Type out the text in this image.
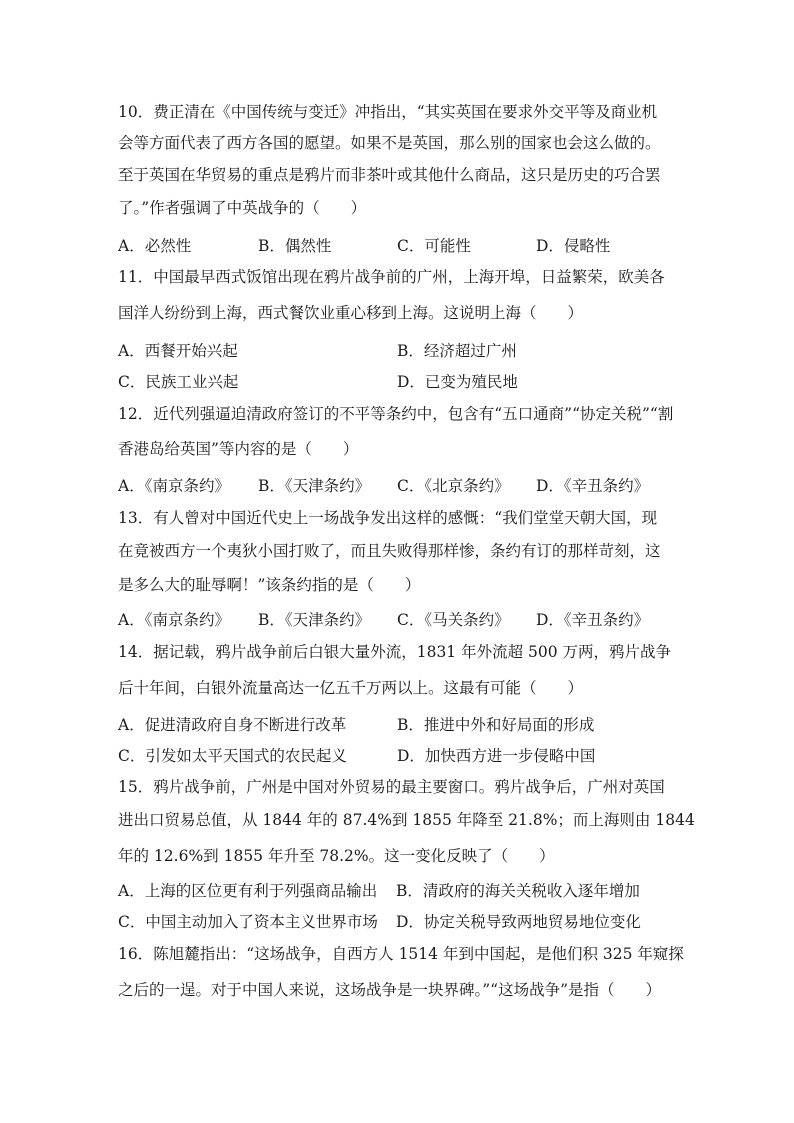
10．费正清在《中国传统与变迁》冲指出，“其实英国在要求外交平等及商业机
会等方面代表了西方各国的愿望。如果不是英国，那么别的国家也会这么做的。
至于英国在华贸易的重点是鸦片而非茶叶或其他什么商品，这只是历史的巧合罢
了。”作者强调了中英战争的（　　）
A．必然性	B．偶然性	C．可能性	D．侵略性
11．中国最早西式饭馆出现在鸦片战争前的广州，上海开埠，日益繁荣，欧美各
国洋人纷纷到上海，西式餐饮业重心移到上海。这说明上海（　　）
A．西餐开始兴起	B．经济超过广州
C．民族工业兴起	D．已变为殖民地
12．近代列强逼迫清政府签订的不平等条约中，包含有“五口通商”“协定关税”“割
香港岛给英国”等内容的是（　　）
A．《南京条约》 B．《天津条约》 C．《北京条约》 D．《辛丑条约》
13．有人曾对中国近代史上一场战争发出这样的感慨：“我们堂堂天朝大国，现
在竟被西方一个夷狄小国打败了，而且失败得那样惨，条约有订的那样苛刻，这
是多么大的耻辱啊！”该条约指的是（　　）
A．《南京条约》 B．《天津条约》 C．《马关条约》 D．《辛丑条约》
14．据记载，鸦片战争前后白银大量外流，1831 年外流超 500 万两，鸦片战争
后十年间，白银外流量高达一亿五千万两以上。这最有可能（　　）
A．促进清政府自身不断进行改革	B．推进中外和好局面的形成
C．引发如太平天国式的农民起义	D．加快西方进一步侵略中国
15．鸦片战争前，广州是中国对外贸易的最主要窗口。鸦片战争后，广州对英国
进出口贸易总值，从 1844 年的 87.4%到 1855 年降至 21.8%；而上海则由 1844
年的 12.6%到 1855 年升至 78.2%。这一变化反映了（　　）
A．上海的区位更有利于列强商品输出 B．清政府的海关关税收入逐年增加
C．中国主动加入了资本主义世界市场 D．协定关税导致两地贸易地位变化
16．陈旭麓指出：“这场战争，自西方人 1514 年到中国起，是他们积 325 年窥探
之后的一逞。对于中国人来说，这场战争是一块界碑。”“这场战争”是指（　　）
